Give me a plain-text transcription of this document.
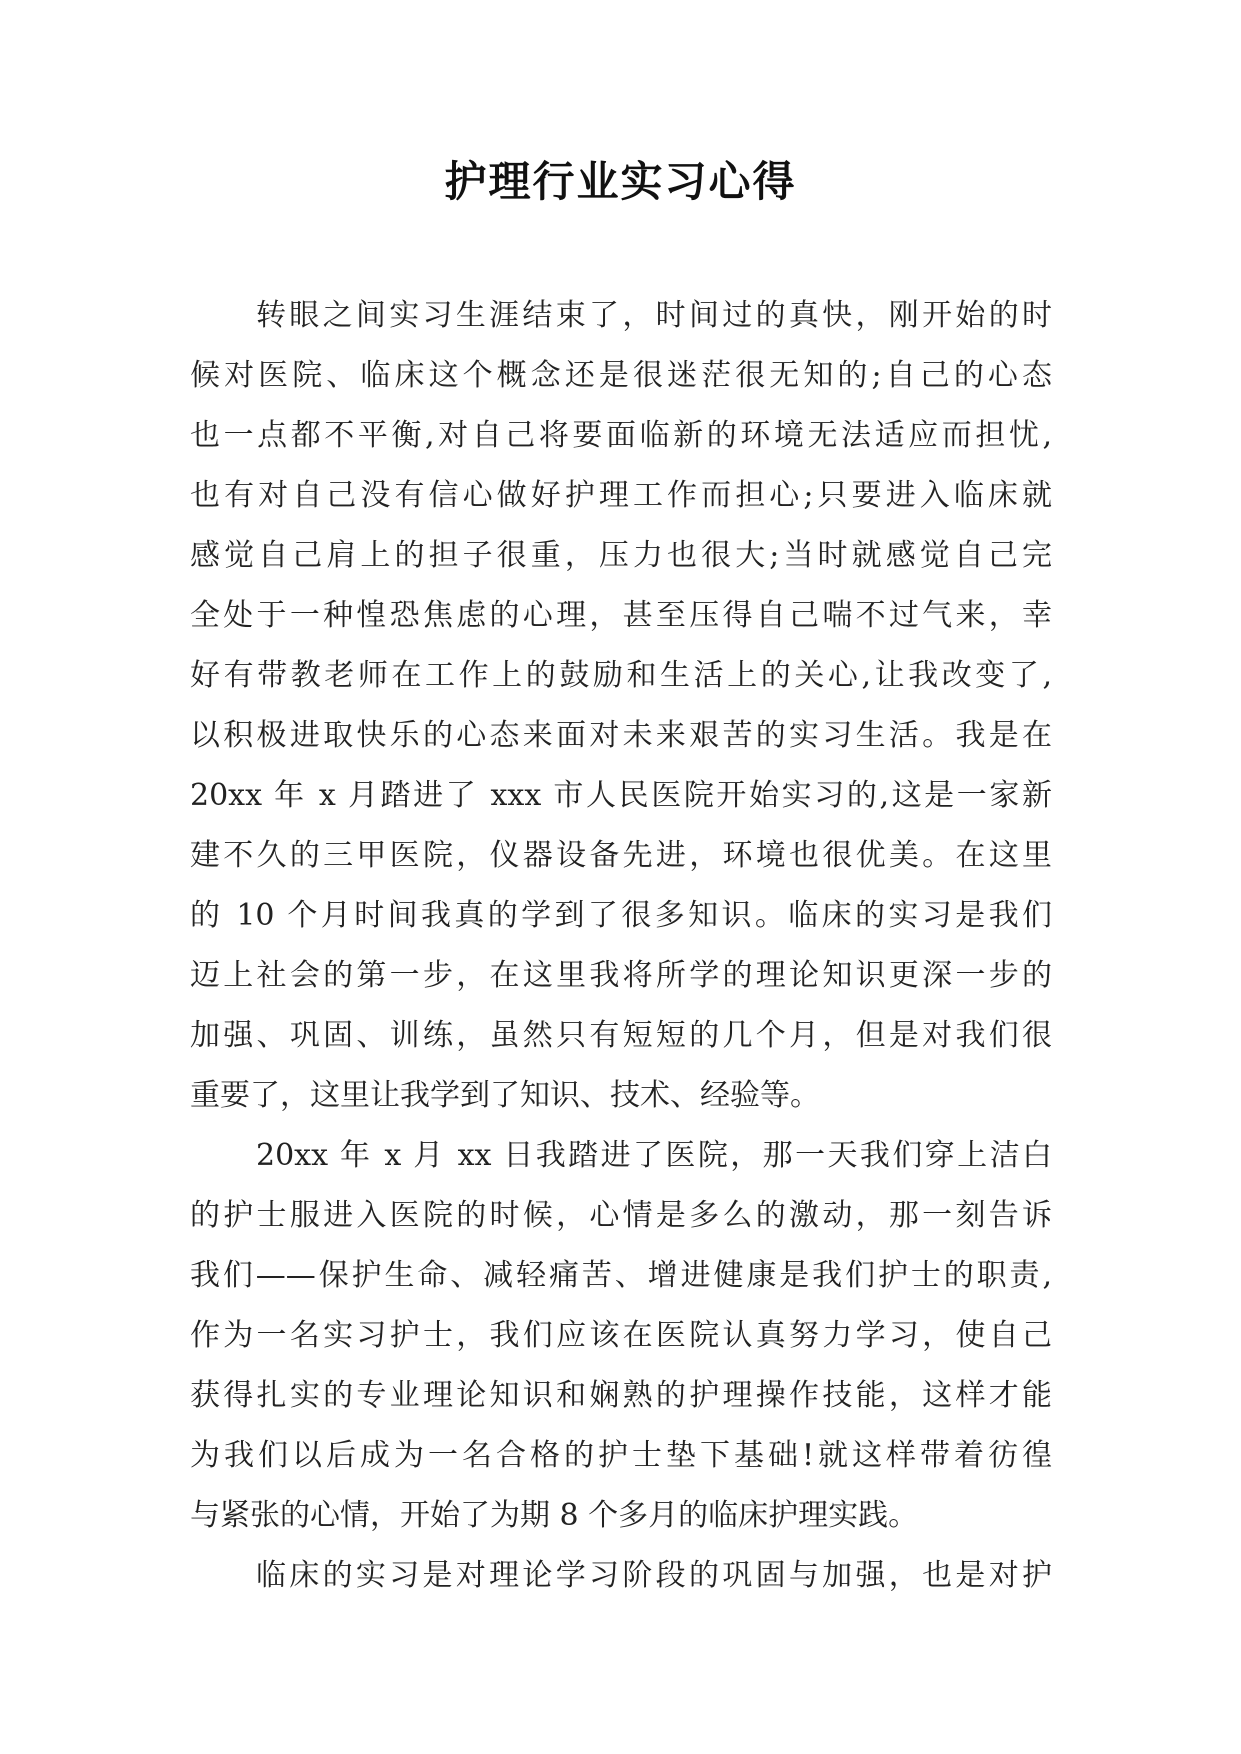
护理行业实习心得
转眼之间实习生涯结束了，时间过的真快，刚开始的时
候对医院、临床这个概念还是很迷茫很无知的;自己的心态
也一点都不平衡,对自己将要面临新的环境无法适应而担忧,
也有对自己没有信心做好护理工作而担心;只要进入临床就
感觉自己肩上的担子很重，压力也很大;当时就感觉自己完
全处于一种惶恐焦虑的心理，甚至压得自己喘不过气来，幸
好有带教老师在工作上的鼓励和生活上的关心,让我改变了,
以积极进取快乐的心态来面对未来艰苦的实习生活。我是在
20xx 年 x 月踏进了 xxx 市人民医院开始实习的,这是一家新
建不久的三甲医院，仪器设备先进，环境也很优美。在这里
的 10 个月时间我真的学到了很多知识。临床的实习是我们
迈上社会的第一步，在这里我将所学的理论知识更深一步的
加强、巩固、训练，虽然只有短短的几个月，但是对我们很
重要了，这里让我学到了知识、技术、经验等。
20xx 年 x 月 xx 日我踏进了医院，那一天我们穿上洁白
的护士服进入医院的时候，心情是多么的激动，那一刻告诉
我们——保护生命、减轻痛苦、增进健康是我们护士的职责,
作为一名实习护士，我们应该在医院认真努力学习，使自己
获得扎实的专业理论知识和娴熟的护理操作技能，这样才能
为我们以后成为一名合格的护士垫下基础!就这样带着彷徨
与紧张的心情，开始了为期 8 个多月的临床护理实践。
临床的实习是对理论学习阶段的巩固与加强，也是对护
